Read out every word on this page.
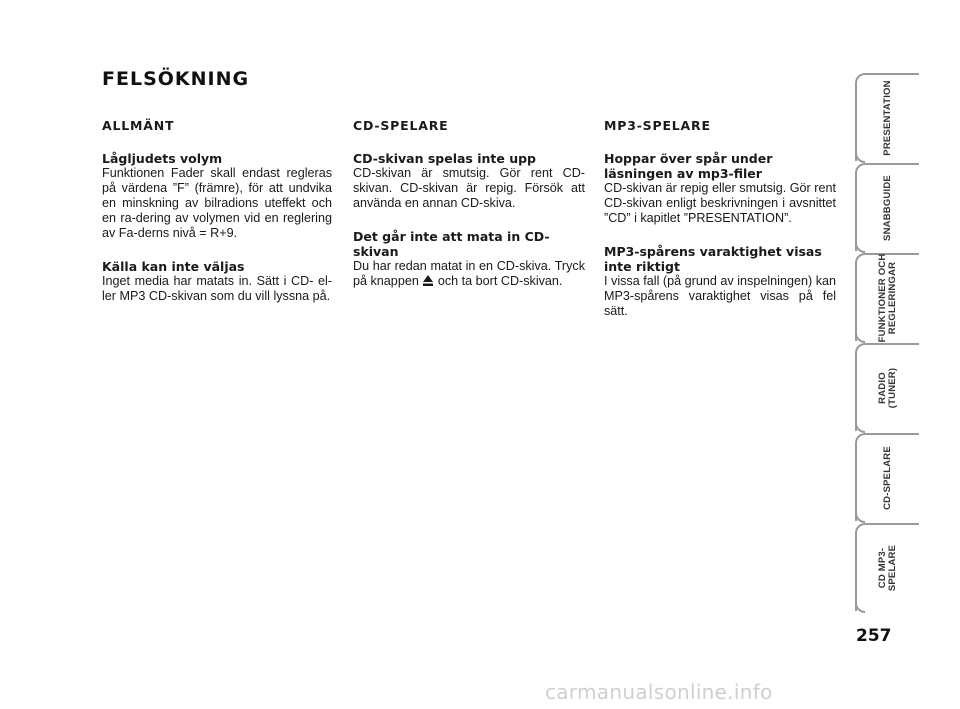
FELSÖKNING
ALLMÄNT
Lågljudets volym
Funktionen Fader skall endast regleras på värdena ”F” (främre), för att undvika en minskning av bilradions uteffekt och en ra-dering av volymen vid en reglering av Fa-derns nivå = R+9.
Källa kan inte väljas
Inget media har matats in. Sätt i CD- el-ler MP3 CD-skivan som du vill lyssna på.
CD-SPELARE
CD-skivan spelas inte upp
CD-skivan är smutsig. Gör rent CD-skivan. CD-skivan är repig. Försök att använda en annan CD-skiva.
Det går inte att mata in CD-skivan
Du har redan matat in en CD-skiva. Tryck på knappen och ta bort CD-skivan.
MP3-SPELARE
Hoppar över spår under läsningen av mp3-filer
CD-skivan är repig eller smutsig. Gör rent CD-skivan enligt beskrivningen i avsnittet ”CD” i kapitlet ”PRESENTATION”.
MP3-spårens varaktighet visas inte riktigt
I vissa fall (på grund av inspelningen) kan MP3-spårens varaktighet visas på fel sätt.
PRESENTATION
SNABBGUIDE
FUNKTIONER OCH
REGLERINGAR
RADIO
(TUNER)
CD-SPELARE
CD MP3-
SPELARE
257
carmanualsonline.info
